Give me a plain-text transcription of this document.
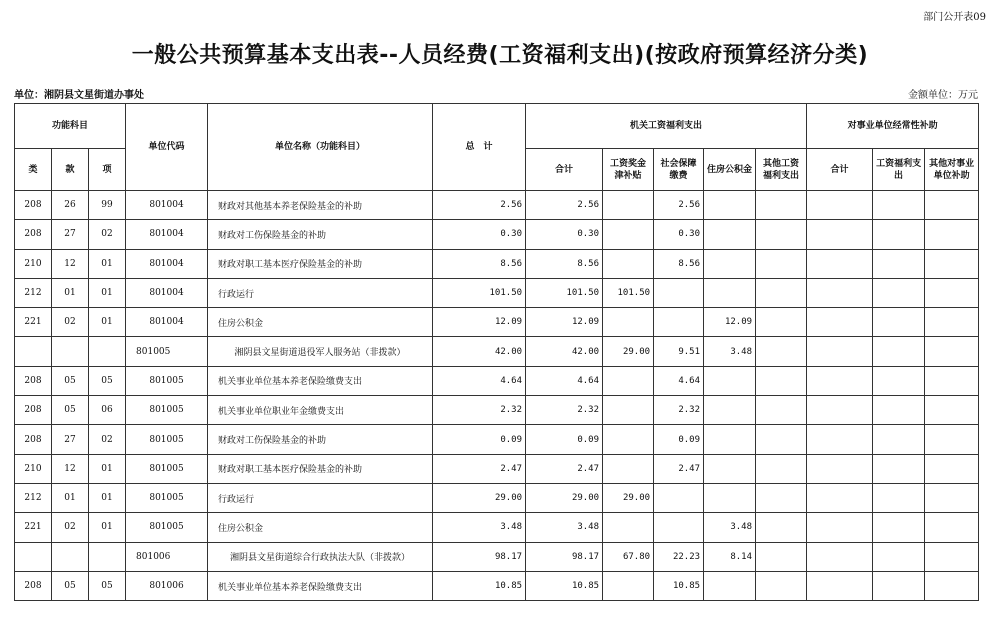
部门公开表09
一般公共预算基本支出表--人员经费(工资福利支出)(按政府预算经济分类)
单位：湘阴县文星街道办事处	金额单位：万元
功能科目			单位代码	单位名称（功能科目）	总　计	机关工资福利支出					对事业单位经常性补助		
类	款	项				合计	工资奖金津补贴	社会保障缴费	住房公积金	其他工资福利支出	合计	工资福利支出	其他对事业单位补助
208	26	99	801004	财政对其他基本养老保险基金的补助	2.56	2.56		2.56					
208	27	02	801004	财政对工伤保险基金的补助	0.30	0.30		0.30					
210	12	01	801004	财政对职工基本医疗保险基金的补助	8.56	8.56		8.56					
212	01	01	801004	行政运行	101.50	101.50	101.50						
221	02	01	801004	住房公积金	12.09	12.09			12.09				
			801005	湘阴县文星街道退役军人服务站（非拨款）	42.00	42.00	29.00	9.51	3.48				
208	05	05	801005	机关事业单位基本养老保险缴费支出	4.64	4.64		4.64					
208	05	06	801005	机关事业单位职业年金缴费支出	2.32	2.32		2.32					
208	27	02	801005	财政对工伤保险基金的补助	0.09	0.09		0.09					
210	12	01	801005	财政对职工基本医疗保险基金的补助	2.47	2.47		2.47					
212	01	01	801005	行政运行	29.00	29.00	29.00						
221	02	01	801005	住房公积金	3.48	3.48			3.48				
			801006	湘阴县文星街道综合行政执法大队（非拨款）	98.17	98.17	67.80	22.23	8.14				
208	05	05	801006	机关事业单位基本养老保险缴费支出	10.85	10.85		10.85					
